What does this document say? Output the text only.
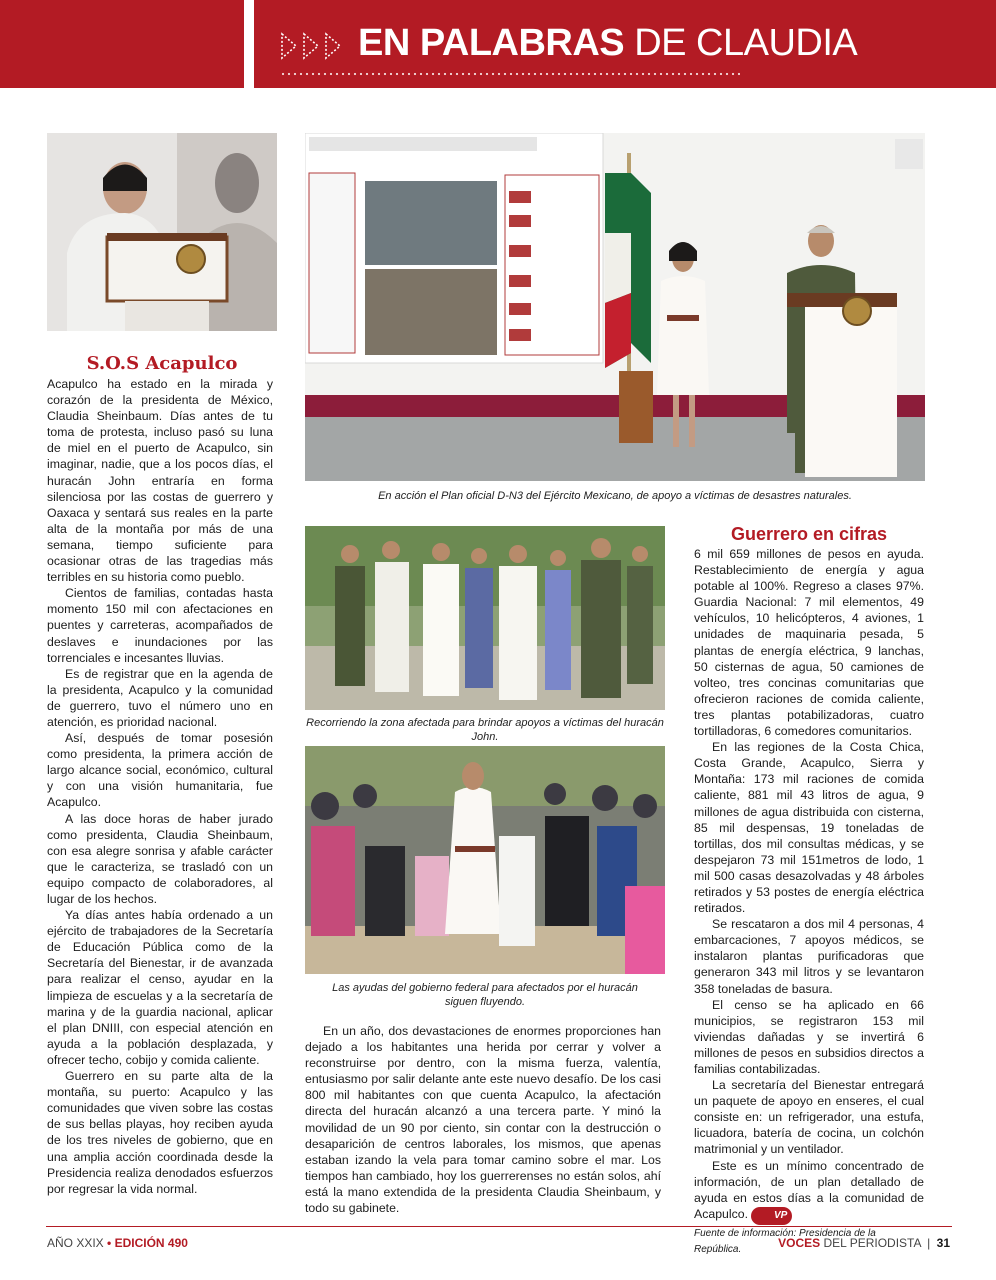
EN PALABRAS DE CLAUDIA
En acción el Plan oficial D-N3 del Ejército Mexicano, de apoyo a víctimas de desastres naturales.
Recorriendo la zona afectada para brindar apoyos a víctimas del huracán John.
Las ayudas del gobierno federal para afectados por el huracán
siguen fluyendo.
S.O.S Acapulco

Acapulco ha estado en la mirada y corazón de la presidenta de México, Claudia Sheinbaum. Días antes de tu toma de protesta, incluso pasó su luna de miel en el puerto de Acapulco, sin imaginar, nadie, que a los pocos días, el huracán John entraría en forma silenciosa por las costas de guerrero y Oaxaca y sentará sus reales en la parte alta de la montaña por más de una semana, tiempo suficiente para ocasionar otras de las tragedias más terribles en su historia como pueblo.

Cientos de familias, contadas hasta momento 150 mil con afectaciones en puentes y carreteras, acompañados de deslaves e inundaciones por las torrenciales e incesantes lluvias.

Es de registrar que en la agenda de la presidenta, Acapulco y la comunidad de guerrero, tuvo el número uno en atención, es prioridad nacional.

Así, después de tomar posesión como presidenta, la primera acción de largo alcance social, económico, cultural y con una visión humanitaria, fue Acapulco.

A las doce horas de haber jurado como presidenta, Claudia Sheinbaum, con esa alegre sonrisa y afable carácter que le caracteriza, se trasladó con un equipo compacto de colaboradores, al lugar de los hechos.

Ya días antes había ordenado a un ejército de trabajadores de la Secretaría de Educación Pública como de la Secretaría del Bienestar, ir de avanzada para realizar el censo, ayudar en la limpieza de escuelas y a la secretaría de marina y de la guardia nacional, aplicar el plan DNIII, con especial atención en ayuda a la población desplazada, y ofrecer techo, cobijo y comida caliente.

Guerrero en su parte alta de la montaña, su puerto: Acapulco y las comunidades que viven sobre las costas de sus bellas playas, hoy reciben ayuda de los tres niveles de gobierno, que en una amplia acción coordinada desde la Presidencia realiza denodados esfuerzos por regresar la vida normal.

En un año, dos devastaciones de enormes proporciones han dejado a los habitantes una herida por cerrar y volver a reconstruirse por dentro, con la misma fuerza, valentía, entusiasmo por salir delante ante este nuevo desafío. De los casi 800 mil habitantes con que cuenta Acapulco, la afectación directa del huracán alcanzó a una tercera parte. Y minó la movilidad de un 90 por ciento, sin contar con la destrucción o desaparición de centros laborales, los mismos, que apenas estaban izando la vela para tomar camino sobre el mar. Los tiempos han cambiado, hoy los guerrerenses no están solos, ahí está la mano extendida de la presidenta Claudia Sheinbaum, y todo su gabinete.

Guerrero en cifras

6 mil 659 millones de pesos en ayuda. Restablecimiento de energía y agua potable al 100%. Regreso a clases 97%. Guardia Nacional: 7 mil elementos, 49 vehículos, 10 helicópteros, 4 aviones, 1 unidades de maquinaria pesada, 5 plantas de energía eléctrica, 9 lanchas, 50 cisternas de agua, 50 camiones de volteo, tres concinas comunitarias que ofrecieron raciones de comida caliente, tres plantas potabilizadoras, cuatro tortilladoras, 6 comedores comunitarios.

En las regiones de la Costa Chica, Costa Grande, Acapulco, Sierra y Montaña: 173 mil raciones de comida caliente, 881 mil 43 litros de agua, 9 millones de agua distribuida con cisterna, 85 mil despensas, 19 toneladas de tortillas, dos mil consultas médicas, y se despejaron 73 mil 151metros de lodo, 1 mil 500 casas desazolvadas y 48 árboles retirados y 53 postes de energía eléctrica retirados.

Se rescataron a dos mil 4 personas, 4 embarcaciones, 7 apoyos médicos, se instalaron plantas purificadoras que generaron 343 mil litros y se levantaron 358 toneladas de basura.

El censo se ha aplicado en 66 municipios, se registraron 153 mil viviendas dañadas y se invertirá 6 millones de pesos en subsidios directos a familias contabilizadas.

La secretaría del Bienestar entregará un paquete de apoyo en enseres, el cual consiste en: un refrigerador, una estufa, licuadora, batería de cocina, un colchón matrimonial y un ventilador.

Este es un mínimo concentrado de información, de un plan detallado de ayuda en estos días a la comunidad de Acapulco.	VP

Fuente de información: Presidencia de la República.

AÑO XXIX • EDICIÓN 490	VOCES DEL PERIODISTA | 31
